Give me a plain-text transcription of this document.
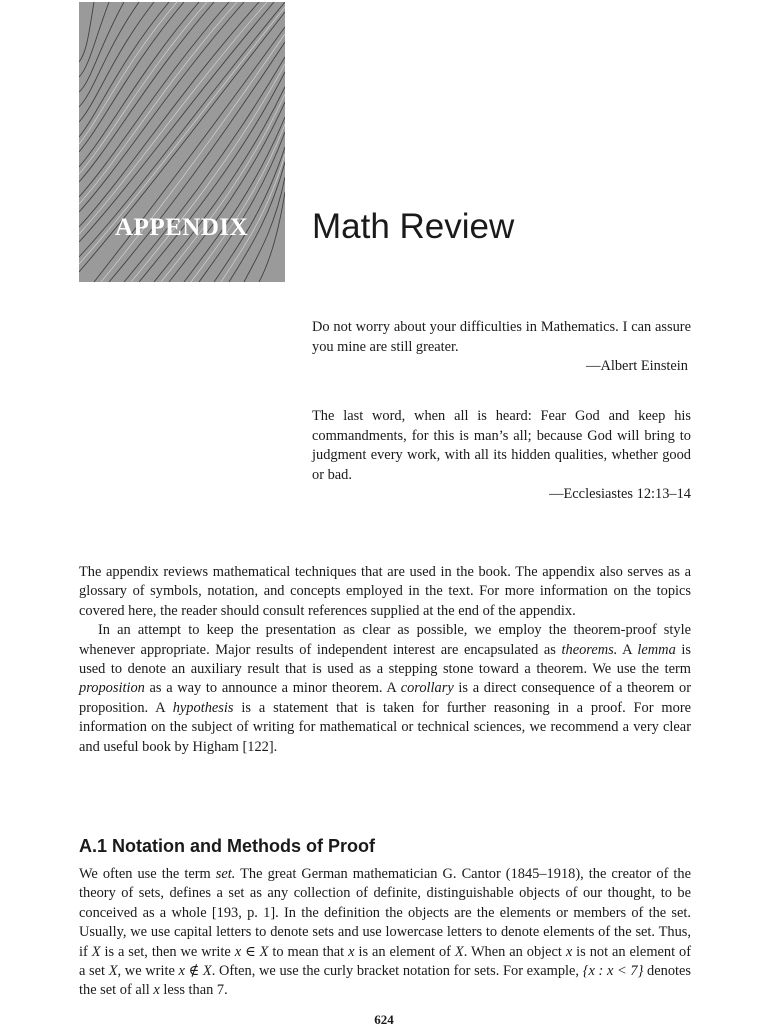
APPENDIX Math Review

Do not worry about your difficulties in Mathematics. I can assure you mine are still greater.

—Albert Einstein

The last word, when all is heard: Fear God and keep his commandments, for this is man’s all; because God will bring to judgment every work, with all its hidden qualities, whether good or bad.

—Ecclesiastes 12:13–14

The appendix reviews mathematical techniques that are used in the book. The appendix also serves as a glossary of symbols, notation, and concepts employed in the text. For more information on the topics covered here, the reader should consult references supplied at the end of the appendix.

In an attempt to keep the presentation as clear as possible, we employ the theorem-proof style whenever appropriate. Major results of independent interest are encapsulated as theorems. A lemma is used to denote an auxiliary result that is used as a stepping stone toward a theorem. We use the term proposition as a way to announce a minor theorem. A corollary is a direct consequence of a theorem or proposition. A hypothesis is a statement that is taken for further reasoning in a proof. For more information on the subject of writing for mathematical or technical sciences, we recommend a very clear and useful book by Higham [122].

A.1 Notation and Methods of Proof

We often use the term set. The great German mathematician G. Cantor (1845–1918), the creator of the theory of sets, defines a set as any collection of definite, distinguishable objects of our thought, to be conceived as a whole [193, p. 1]. In the definition the objects are the elements or members of the set. Usually, we use capital letters to denote sets and use lowercase letters to denote elements of the set. Thus, if X is a set, then we write x ∈ X to mean that x is an element of X. When an object x is not an element of a set X, we write x ∉ X. Often, we use the curly bracket notation for sets. For example, {x : x < 7} denotes the set of all x less than 7.

624
